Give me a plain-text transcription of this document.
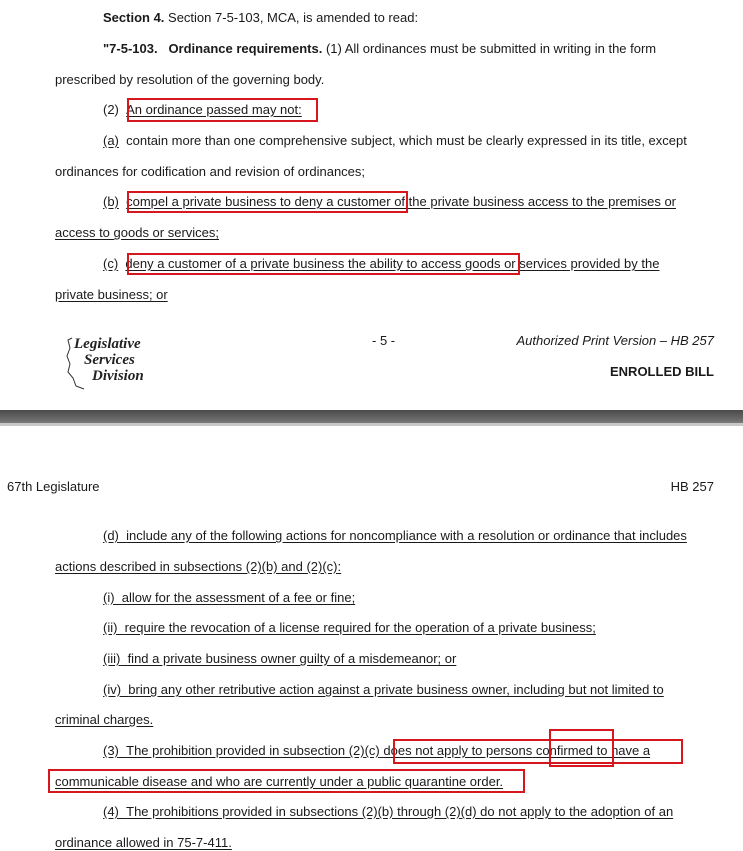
Section 4. Section 7-5-103, MCA, is amended to read:
"7-5-103. Ordinance requirements. (1) All ordinances must be submitted in writing in the form
prescribed by resolution of the governing body.
(2) An ordinance passed may not:
(a) contain more than one comprehensive subject, which must be clearly expressed in its title, except
ordinances for codification and revision of ordinances;
(b) compel a private business to deny a customer of the private business access to the premises or
access to goods or services;
(c) deny a customer of a private business the ability to access goods or services provided by the
private business; or
Legislative
Services
Division
- 5 -	Authorized Print Version – HB 257
ENROLLED BILL
67th Legislature	HB 257
(d) include any of the following actions for noncompliance with a resolution or ordinance that includes
actions described in subsections (2)(b) and (2)(c):
(i) allow for the assessment of a fee or fine;
(ii) require the revocation of a license required for the operation of a private business;
(iii) find a private business owner guilty of a misdemeanor; or
(iv) bring any other retributive action against a private business owner, including but not limited to
criminal charges.
(3) The prohibition provided in subsection (2)(c) does not apply to persons confirmed to have a
communicable disease and who are currently under a public quarantine order.
(4) The prohibitions provided in subsections (2)(b) through (2)(d) do not apply to the adoption of an
ordinance allowed in 75-7-411.
